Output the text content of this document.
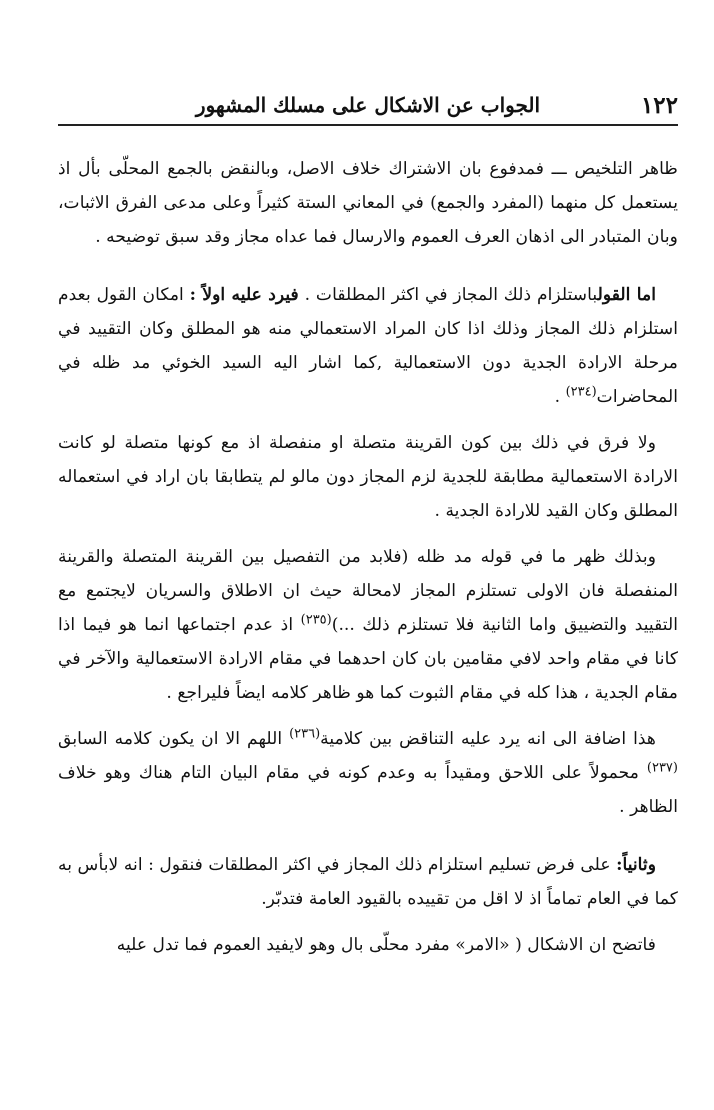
١٢٢
الجواب عن الاشكال على مسلك المشهور

ظاهر التلخيص ـــ فمدفوع بان الاشتراك خلاف الاصل، وبالنقض بالجمع المحلّى بأل اذ يستعمل كل منهما (المفرد والجمع) في المعاني الستة كثيراً وعلى مدعى الفرق الاثبات، وبان المتبادر الى اذهان العرف العموم والارسال فما عداه مجاز وقد سبق توضيحه .

اما القولباستلزام ذلك المجاز في اكثر المطلقات . فيرد عليه اولاً : امكان القول بعدم استلزام ذلك المجاز وذلك اذا كان المراد الاستعمالي منه هو المطلق وكان التقييد في مرحلة الارادة الجدية دون الاستعمالية ,كما اشار اليه السيد الخوئي مد ظله في المحاضرات$^{(٢٣٤)}$ .

ولا فرق في ذلك بين كون القرينة متصلة او منفصلة اذ مع كونها متصلة لو كانت الارادة الاستعمالية مطابقة للجدية لزم المجاز دون مالو لم يتطابقا بان اراد في استعماله المطلق وكان القيد للارادة الجدية .

وبذلك ظهر ما في قوله مد ظله (فلابد من التفصيل بين القرينة المتصلة والقرينة المنفصلة فان الاولى تستلزم المجاز لامحالة حيث ان الاطلاق والسريان لايجتمع مع التقييد والتضييق واما الثانية فلا تستلزم ذلك ...)$^{(٢٣٥)}$ اذ عدم اجتماعها انما هو فيما اذا كانا في مقام واحد لافي مقامين بان كان احدهما في مقام الارادة الاستعمالية والآخر في مقام الجدية ، هذا كله في مقام الثبوت كما هو ظاهر كلامه ايضاً فليراجع .

هذا اضافة الى انه يرد عليه التناقض بين كلامية$^{(٢٣٦)}$ اللهم الا ان يكون كلامه السابق $^{(٢٣٧)}$ محمولاً على اللاحق ومقيداً به وعدم كونه في مقام البيان التام هناك وهو خلاف الظاهر .

وثانياً: على فرض تسليم استلزام ذلك المجاز في اكثر المطلقات فنقول : انه لابأس به كما في العام تماماً اذ لا اقل من تقييده بالقيود العامة فتدبّر.

فاتضح ان الاشكال ( «الامر» مفرد محلّى بال وهو لايفيد العموم فما تدل عليه
